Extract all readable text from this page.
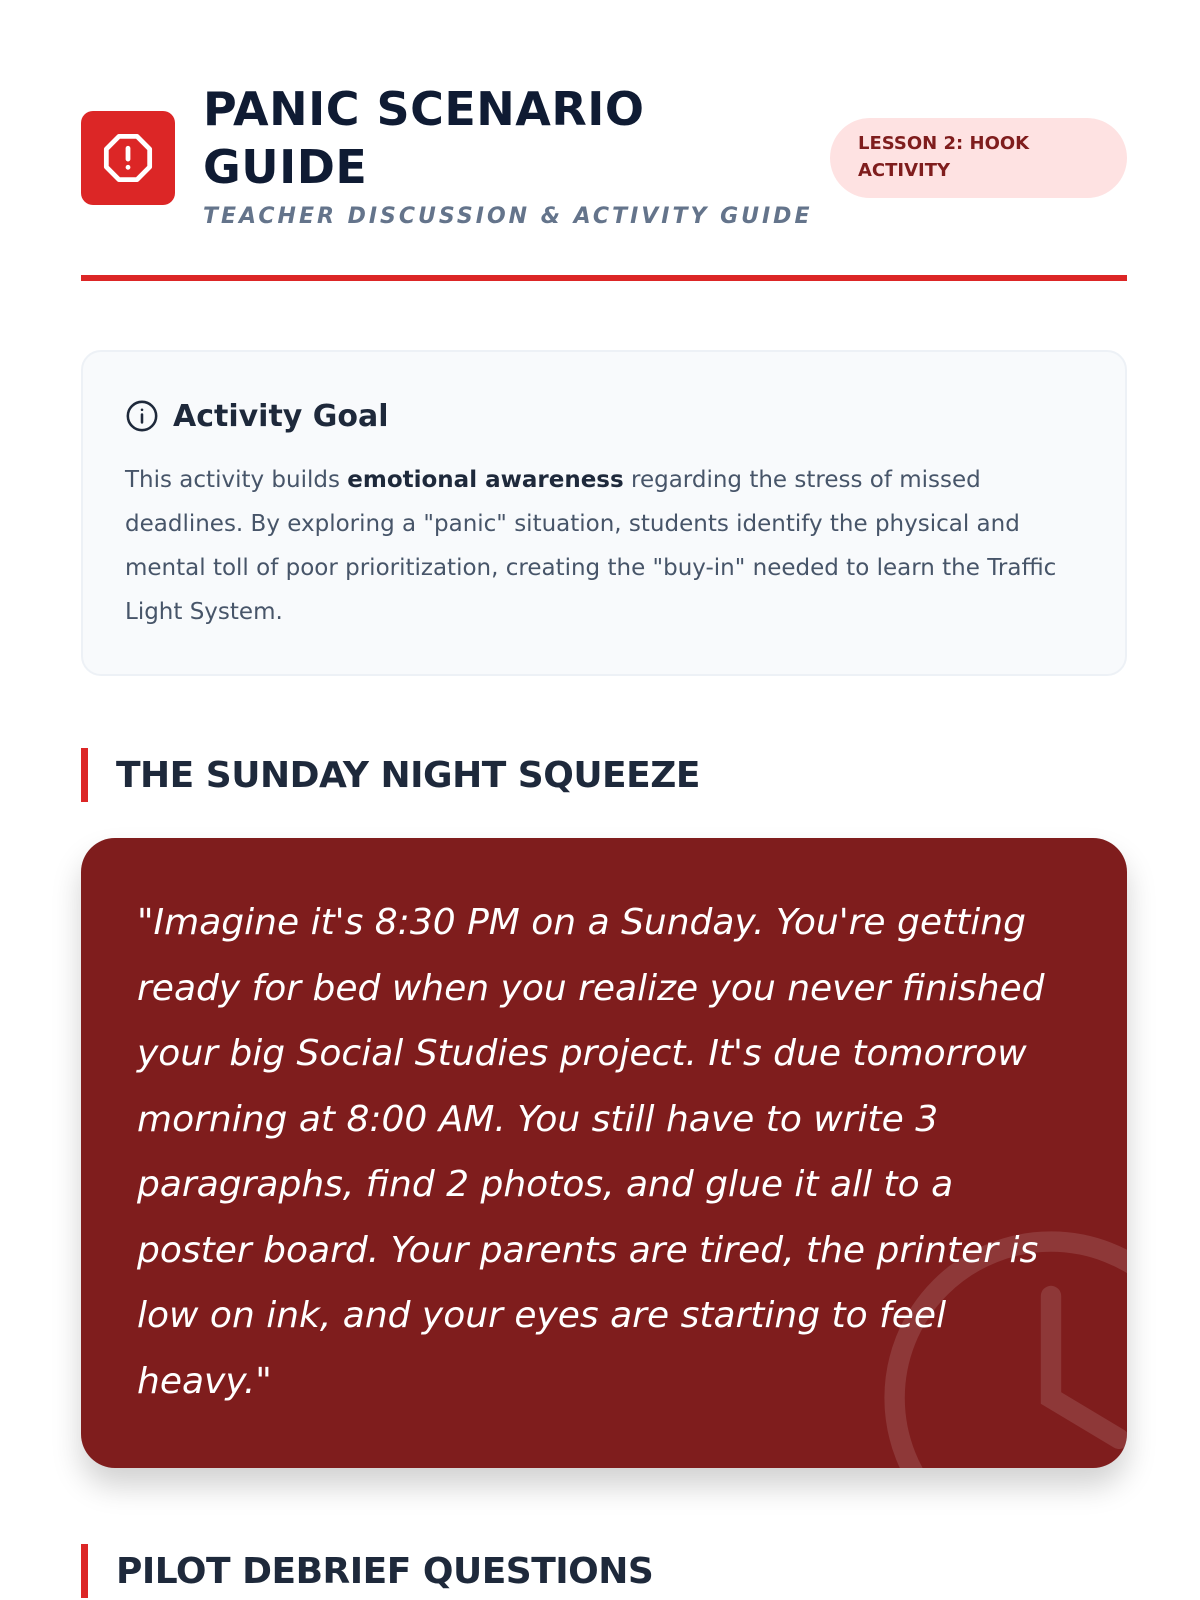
PANIC SCENARIO GUIDE
TEACHER DISCUSSION & ACTIVITY GUIDE
LESSON 2: HOOK ACTIVITY
Activity Goal

This activity builds emotional awareness regarding the stress of missed deadlines. By exploring a "panic" situation, students identify the physical and mental toll of poor prioritization, creating the "buy-in" needed to learn the Traffic Light System.

THE SUNDAY NIGHT SQUEEZE

"Imagine it's 8:30 PM on a Sunday. You're getting ready for bed when you realize you never finished your big Social Studies project. It's due tomorrow morning at 8:00 AM. You still have to write 3 paragraphs, find 2 photos, and glue it all to a poster board. Your parents are tired, the printer is low on ink, and your eyes are starting to feel heavy."

PILOT DEBRIEF QUESTIONS
